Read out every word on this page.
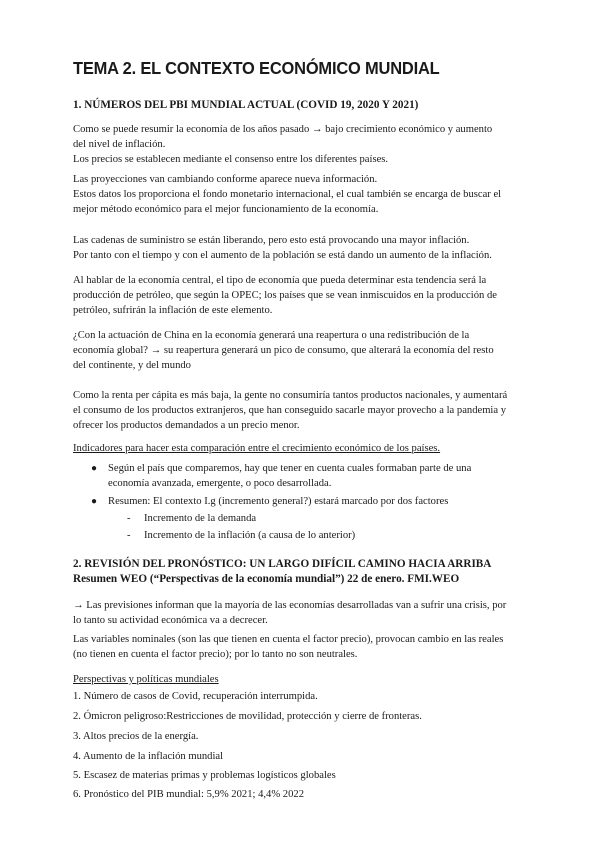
TEMA 2. EL CONTEXTO ECONÓMICO MUNDIAL
1. NÚMEROS DEL PBI MUNDIAL ACTUAL (COVID 19, 2020 Y 2021)

Como se puede resumir la economía de los años pasado → bajo crecimiento económico y aumento
del nivel de inflación.
Los precios se establecen mediante el consenso entre los diferentes países.

Las proyecciones van cambiando conforme aparece nueva información.
Estos datos los proporciona el fondo monetario internacional, el cual también se encarga de buscar el
mejor método económico para el mejor funcionamiento de la economía.

Las cadenas de suministro se están liberando, pero esto está provocando una mayor inflación.
Por tanto con el tiempo y con el aumento de la población se está dando un aumento de la inflación.

Al hablar de la economía central, el tipo de economía que pueda determinar esta tendencia será la
producción de petróleo, que según la OPEC; los países que se vean inmiscuidos en la producción de
petróleo, sufrirán la inflación de este elemento.

¿Con la actuación de China en la economía generará una reapertura o una redistribución de la
economía global? → su reapertura generará un pico de consumo, que alterará la economía del resto
del continente, y del mundo

Como la renta per cápita es más baja, la gente no consumiría tantos productos nacionales, y aumentará
el consumo de los productos extranjeros, que han conseguido sacarle mayor provecho a la pandemia y
ofrecer los productos demandados a un precio menor.

Indicadores para hacer esta comparación entre el crecimiento económico de los países.

● Según el país que comparemos, hay que tener en cuenta cuales formaban parte de una
economía avanzada, emergente, o poco desarrollada.
● Resumen: El contexto I.g (incremento general?) estará marcado por dos factores
- Incremento de la demanda
- Incremento de la inflación (a causa de lo anterior)
2. REVISIÓN DEL PRONÓSTICO: UN LARGO DIFÍCIL CAMINO HACIA ARRIBA
Resumen WEO (“Perspectivas de la economía mundial”) 22 de enero. FMI.WEO

→ Las previsiones informan que la mayoría de las economías desarrolladas van a sufrir una crisis, por
lo tanto su actividad económica va a decrecer.

Las variables nominales (son las que tienen en cuenta el factor precio), provocan cambio en las reales
(no tienen en cuenta el factor precio); por lo tanto no son neutrales.

Perspectivas y políticas mundiales

1. Número de casos de Covid, recuperación interrumpida.
2. Ómicron peligroso:Restricciones de movilidad, protección y cierre de fronteras.
3. Altos precios de la energía.
4. Aumento de la inflación mundial
5. Escasez de materias primas y problemas logísticos globales
6. Pronóstico del PIB mundial: 5,9% 2021; 4,4% 2022
